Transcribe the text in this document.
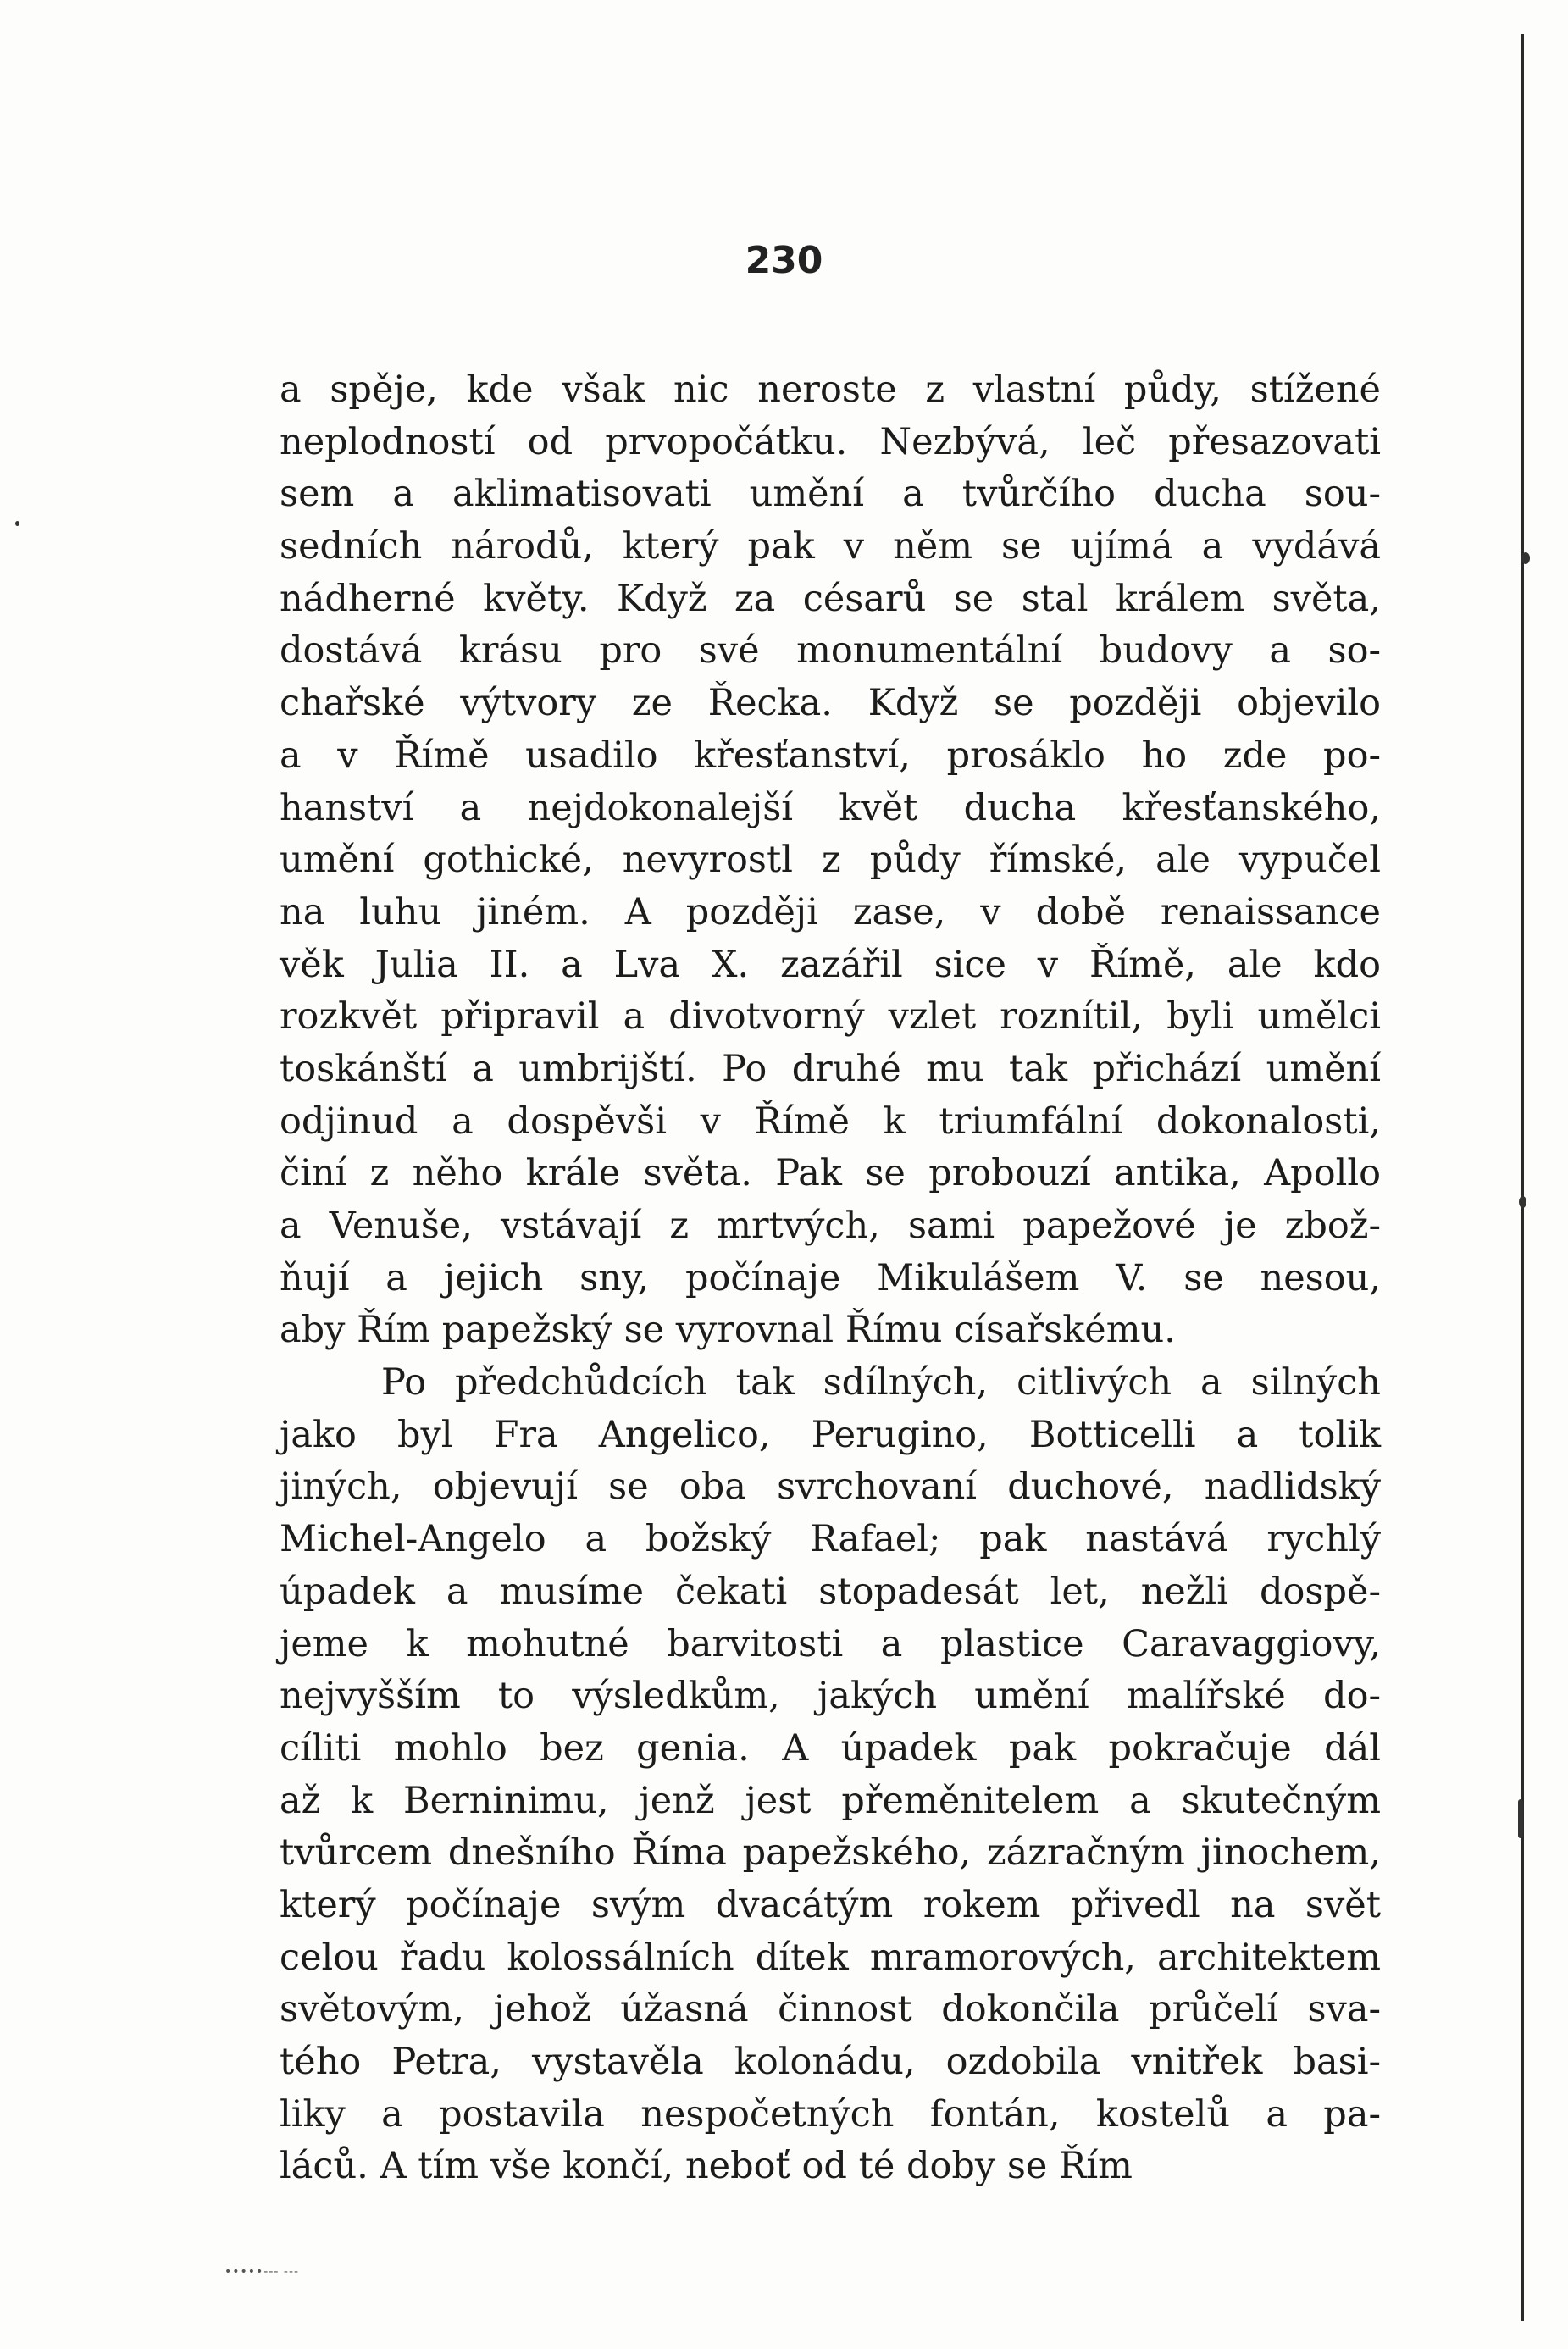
230
a spěje, kde však nic neroste z vlastní půdy, stížené
neplodností od prvopočátku. Nezbývá, leč přesazovati
sem a aklimatisovati umění a tvůrčího ducha sou-
sedních národů, který pak v něm se ujímá a vydává
nádherné květy. Když za césarů se stal králem světa,
dostává krásu pro své monumentální budovy a so-
chařské výtvory ze Řecka. Když se později objevilo
a v Římě usadilo křesťanství, prosáklo ho zde po-
hanství a nejdokonalejší květ ducha křesťanského,
umění gothické, nevyrostl z půdy římské, ale vypučel
na luhu jiném. A později zase, v době renaissance
věk Julia II. a Lva X. zazářil sice v Římě, ale kdo
rozkvět připravil a divotvorný vzlet roznítil, byli umělci
toskánští a umbrijští. Po druhé mu tak přichází umění
odjinud a dospěvši v Římě k triumfální dokonalosti,
činí z něho krále světa. Pak se probouzí antika, Apollo
a Venuše, vstávají z mrtvých, sami papežové je zbož-
ňují a jejich sny, počínaje Mikulášem V. se nesou,
aby Řím papežský se vyrovnal Římu císařskému.
Po předchůdcích tak sdílných, citlivých a silných
jako byl Fra Angelico, Perugino, Botticelli a tolik
jiných, objevují se oba svrchovaní duchové, nadlidský
Michel-Angelo a božský Rafael; pak nastává rychlý
úpadek a musíme čekati stopadesát let, nežli dospě-
jeme k mohutné barvitosti a plastice Caravaggiovy,
nejvyšším to výsledkům, jakých umění malířské do-
cíliti mohlo bez genia. A úpadek pak pokračuje dál
až k Berninimu, jenž jest přeměnitelem a skutečným
tvůrcem dnešního Říma papežského, zázračným jinochem,
který počínaje svým dvacátým rokem přivedl na svět
celou řadu kolossálních dítek mramorových, architektem
světovým, jehož úžasná činnost dokončila průčelí sva-
tého Petra, vystavěla kolonádu, ozdobila vnitřek basi-
liky a postavila nespočetných fontán, kostelů a pa-
láců. A tím vše končí, neboť od té doby se Řím
•••••--- ---
